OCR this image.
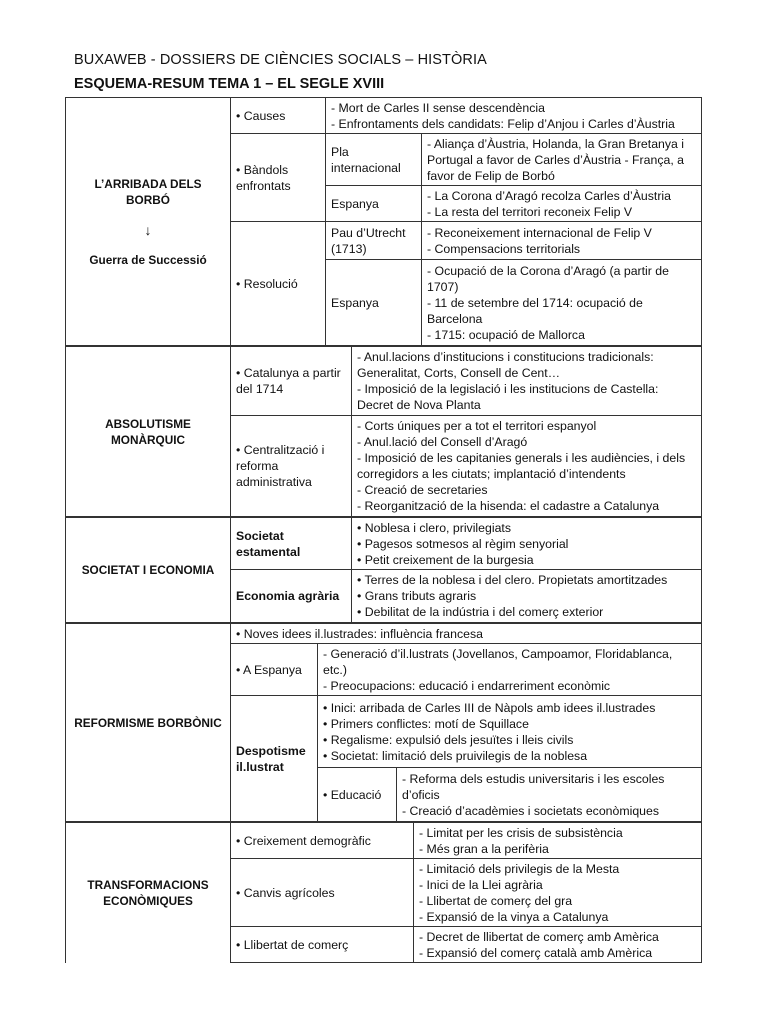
BUXAWEB - DOSSIERS DE CIÈNCIES SOCIALS – HISTÒRIA
ESQUEMA-RESUM TEMA 1 – EL SEGLE XVIII
L’ARRIBADA DELS BORBÓ
↓
Guerra de Successió	• Causes	- Mort de Carles II sense descendència
- Enfrontaments dels candidats: Felip d’Anjou i Carles d’Àustria	

	• Bàndols enfrontats	Pla internacional	- Aliança d’Àustria, Holanda, la Gran Bretanya i Portugal a favor de Carles d’Àustria - França, a favor de Felip de Borbó

		Espanya	- La Corona d’Aragó recolza Carles d’Àustria
- La resta del territori reconeix Felip V

	• Resolució	Pau d’Utrecht (1713)	- Reconeixement internacional de Felip V
- Compensacions territorials

		Espanya	- Ocupació de la Corona d’Aragó (a partir de 1707)
- 11 de setembre del 1714: ocupació de Barcelona
- 1715: ocupació de Mallorca
ABSOLUTISME MONÀRQUIC	• Catalunya a partir del 1714	- Anul.lacions d’institucions i constitucions tradicionals: Generalitat, Corts, Consell de Cent…
- Imposició de la legislació i les institucions de Castella: Decret de Nova Planta

	• Centralització i reforma administrativa	- Corts úniques per a tot el territori espanyol
- Anul.lació del Consell d’Aragó
- Imposició de les capitanies generals i les audiències, i dels corregidors a les ciutats; implantació d’intendents
- Creació de secretaries
- Reorganització de la hisenda: el cadastre a Catalunya
SOCIETAT I ECONOMIA	Societat estamental	• Noblesa i clero, privilegiats
• Pagesos sotmesos al règim senyorial
• Petit creixement de la burgesia

	Economia agrària	• Terres de la noblesa i del clero. Propietats amortitzades
• Grans tributs agraris
• Debilitat de la indústria i del comerç exterior
REFORMISME BORBÒNIC	• Noves idees il.lustrades: influència francesa		
	• A Espanya	- Generació d’il.lustrats (Jovellanos, Campoamor, Floridablanca, etc.)
- Preocupacions: educació i endarreriment econòmic	

	Despotisme il.lustrat	• Inici: arribada de Carles III de Nàpols amb idees il.lustrades
• Primers conflictes: motí de Squillace
• Regalisme: expulsió dels jesuïtes i lleis civils
• Societat: limitació dels pruivilegis de la noblesa	

		• Educació	- Reforma dels estudis universitaris i les escoles d’oficis
- Creació d’acadèmies i societats econòmiques
TRANSFORMACIONS ECONÒMIQUES	• Creixement demogràfic	- Limitat per les crisis de subsistència
- Més gran a la perifèria

	• Canvis agrícoles	- Limitació dels privilegis de la Mesta
- Inici de la Llei agrària
- Llibertat de comerç del gra
- Expansió de la vinya a Catalunya

	• Llibertat de comerç	- Decret de llibertat de comerç amb Amèrica
- Expansió del comerç català amb Amèrica
